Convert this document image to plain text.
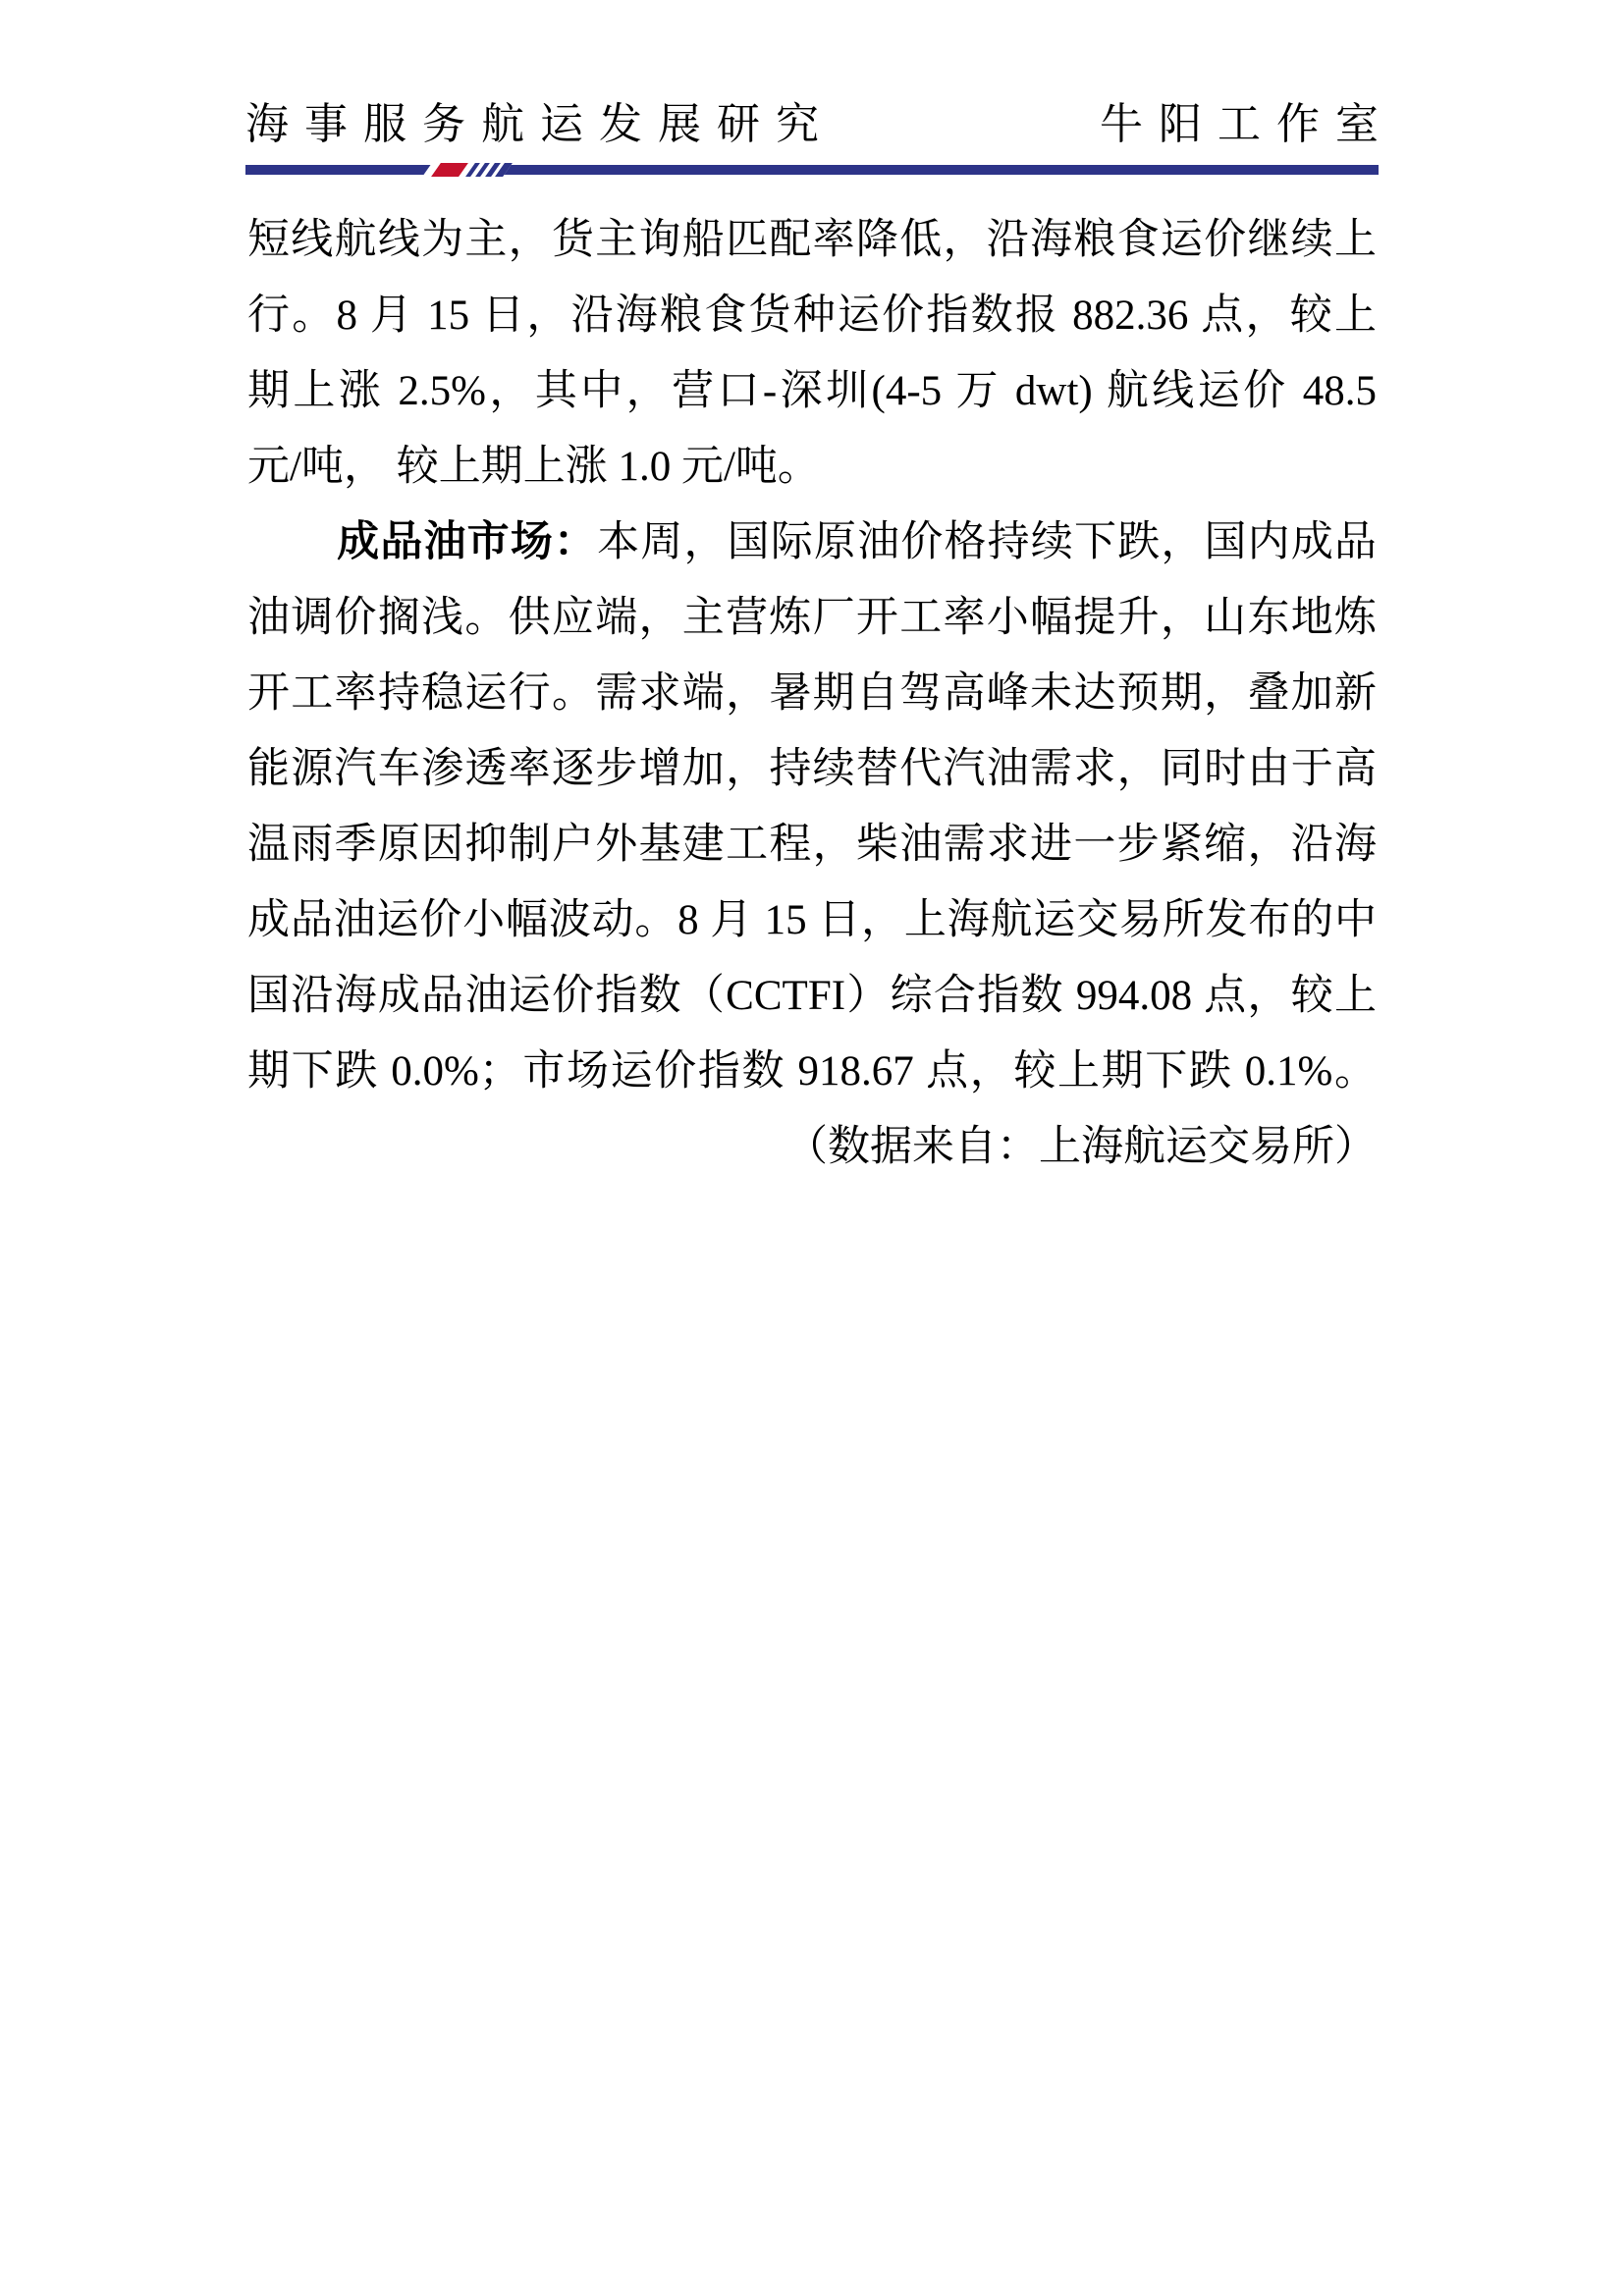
海事服务航运发展研究	牛阳工作室
短线航线为主，货主询船匹配率降低，沿海粮食运价继续上
行。8 月 15 日，沿海粮食货种运价指数报 882.36 点，较上
期上涨 2.5%，其中，营口-深圳(4-5 万 dwt) 航线运价 48.5
元/吨， 较上期上涨 1.0 元/吨。
成品油市场：本周，国际原油价格持续下跌，国内成品
油调价搁浅。供应端，主营炼厂开工率小幅提升，山东地炼
开工率持稳运行。需求端，暑期自驾高峰未达预期，叠加新
能源汽车渗透率逐步增加，持续替代汽油需求，同时由于高
温雨季原因抑制户外基建工程，柴油需求进一步紧缩，沿海
成品油运价小幅波动。8 月 15 日，上海航运交易所发布的中
国沿海成品油运价指数（CCTFI）综合指数 994.08 点，较上
期下跌 0.0%；市场运价指数 918.67 点，较上期下跌 0.1%。
（数据来自：上海航运交易所）
